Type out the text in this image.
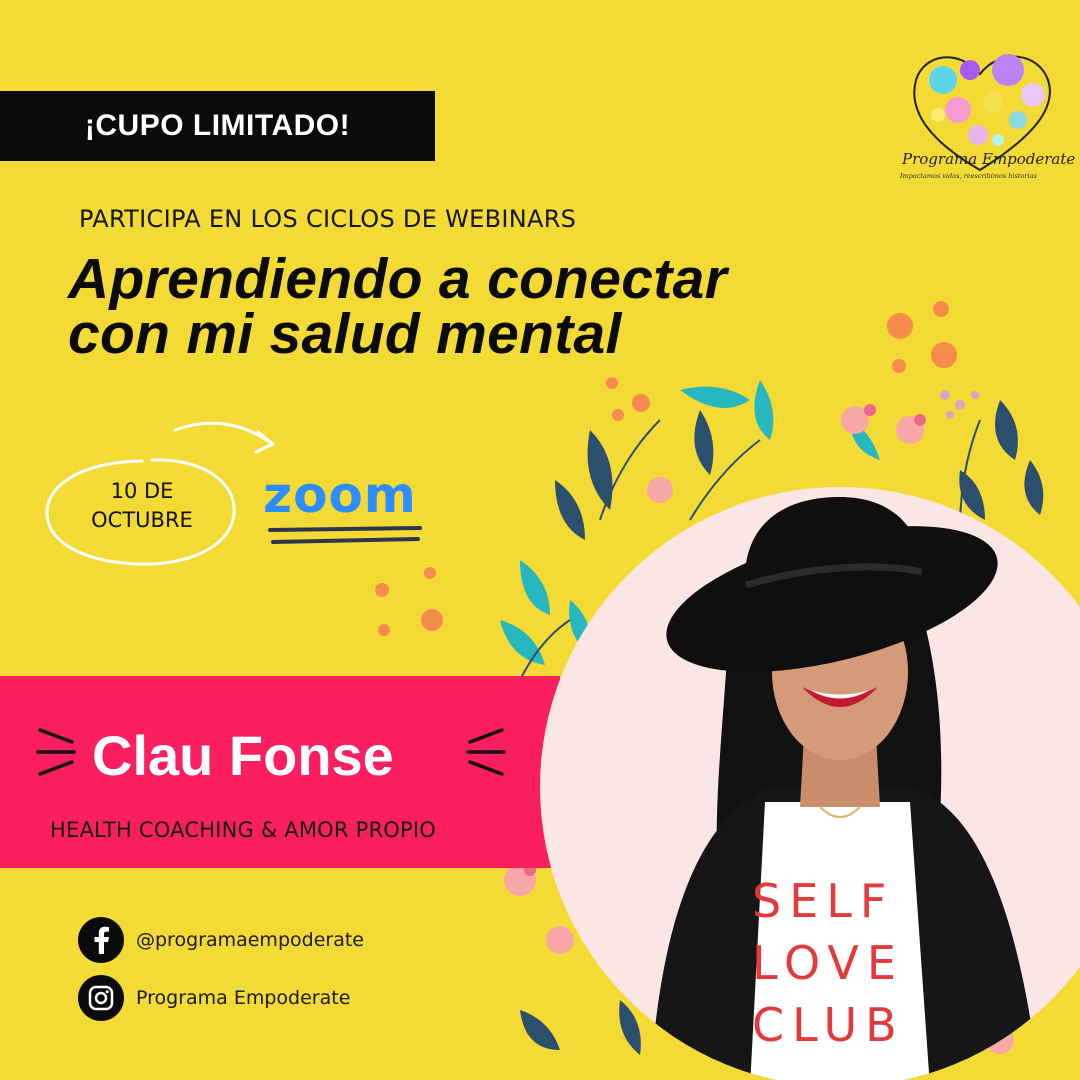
¡CUPO LIMITADO!
PARTICIPA EN LOS CICLOS DE WEBINARS
Aprendiendo a conectar
con mi salud mental
10 DE
OCTUBRE	zoom
Clau Fonse
HEALTH COACHING & AMOR PROPIO
@programaempoderate
Programa Empoderate
SELF
LOVE
CLUB
Programa Empoderate
Impactamos vidas, reescribimos historias
